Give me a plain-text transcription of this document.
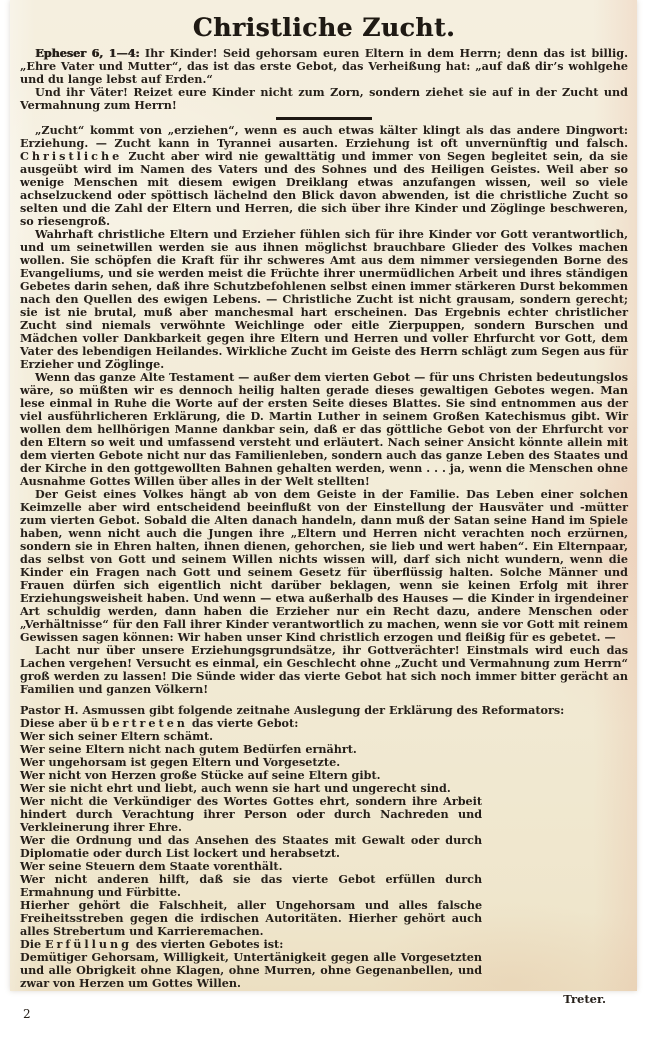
Christliche Zucht.

Epheser 6, 1—4: Ihr Kinder! Seid gehorsam euren Eltern in dem Herrn; denn das ist billig. „Ehre Vater und Mutter“, das ist das erste Gebot, das Verheißung hat: „auf daß dir’s wohlgehe und du lange lebst auf Erden.“

Und ihr Väter! Reizet eure Kinder nicht zum Zorn, sondern ziehet sie auf in der Zucht und Vermahnung zum Herrn!

„Zucht“ kommt von „erziehen“, wenn es auch etwas kälter klingt als das andere Dingwort: Erziehung. — Zucht kann in Tyrannei ausarten. Erziehung ist oft unvernünftig und falsch. Christliche Zucht aber wird nie gewalttätig und immer von Segen begleitet sein, da sie ausgeübt wird im Namen des Vaters und des Sohnes und des Heiligen Geistes. Weil aber so wenige Menschen mit diesem ewigen Dreiklang etwas anzufangen wissen, weil so viele achselzuckend oder spöttisch lächelnd den Blick davon abwenden, ist die christliche Zucht so selten und die Zahl der Eltern und Herren, die sich über ihre Kinder und Zöglinge beschweren, so riesengroß.

Wahrhaft christliche Eltern und Erzieher fühlen sich für ihre Kinder vor Gott verantwortlich, und um seinetwillen werden sie aus ihnen möglichst brauchbare Glieder des Volkes machen wollen. Sie schöpfen die Kraft für ihr schweres Amt aus dem nimmer versiegenden Borne des Evangeliums, und sie werden meist die Früchte ihrer unermüdlichen Arbeit und ihres ständigen Gebetes darin sehen, daß ihre Schutzbefohlenen selbst einen immer stärkeren Durst bekommen nach den Quellen des ewigen Lebens. — Christliche Zucht ist nicht grausam, sondern gerecht; sie ist nie brutal, muß aber manchesmal hart erscheinen. Das Ergebnis echter christlicher Zucht sind niemals verwöhnte Weichlinge oder eitle Zierpuppen, sondern Burschen und Mädchen voller Dankbarkeit gegen ihre Eltern und Herren und voller Ehrfurcht vor Gott, dem Vater des lebendigen Heilandes. Wirkliche Zucht im Geiste des Herrn schlägt zum Segen aus für Erzieher und Zöglinge.

Wenn das ganze Alte Testament — außer dem vierten Gebot — für uns Christen bedeutungslos wäre, so müßten wir es dennoch heilig halten gerade dieses gewaltigen Gebotes wegen. Man lese einmal in Ruhe die Worte auf der ersten Seite dieses Blattes. Sie sind entnommen aus der viel ausführlicheren Erklärung, die D. Martin Luther in seinem Großen Katechismus gibt. Wir wollen dem hellhörigen Manne dankbar sein, daß er das göttliche Gebot von der Ehrfurcht vor den Eltern so weit und umfassend versteht und erläutert. Nach seiner Ansicht könnte allein mit dem vierten Gebote nicht nur das Familienleben, sondern auch das ganze Leben des Staates und der Kirche in den gottgewollten Bahnen gehalten werden, wenn . . . ja, wenn die Menschen ohne Ausnahme Gottes Willen über alles in der Welt stellten!

Der Geist eines Volkes hängt ab von dem Geiste in der Familie. Das Leben einer solchen Keimzelle aber wird entscheidend beeinflußt von der Einstellung der Hausväter und -mütter zum vierten Gebot. Sobald die Alten danach handeln, dann muß der Satan seine Hand im Spiele haben, wenn nicht auch die Jungen ihre „Eltern und Herren nicht verachten noch erzürnen, sondern sie in Ehren halten, ihnen dienen, gehorchen, sie lieb und wert haben“. Ein Elternpaar, das selbst von Gott und seinem Willen nichts wissen will, darf sich nicht wundern, wenn die Kinder ein Fragen nach Gott und seinem Gesetz für überflüssig halten. Solche Männer und Frauen dürfen sich eigentlich nicht darüber beklagen, wenn sie keinen Erfolg mit ihrer Erziehungsweisheit haben. Und wenn — etwa außerhalb des Hauses — die Kinder in irgendeiner Art schuldig werden, dann haben die Erzieher nur ein Recht dazu, andere Menschen oder „Verhältnisse“ für den Fall ihrer Kinder verantwortlich zu machen, wenn sie vor Gott mit reinem Gewissen sagen können: Wir haben unser Kind christlich erzogen und fleißig für es gebetet. —

Lacht nur über unsere Erziehungsgrundsätze, ihr Gottverächter! Einstmals wird euch das Lachen vergehen! Versucht es einmal, ein Geschlecht ohne „Zucht und Vermahnung zum Herrn“ groß werden zu lassen! Die Sünde wider das vierte Gebot hat sich noch immer bitter gerächt an Familien und ganzen Völkern!

Pastor H. Asmussen gibt folgende zeitnahe Auslegung der Erklärung des Reformators:

Diese aber übertreten das vierte Gebot:

Wer sich seiner Eltern schämt.

Wer seine Eltern nicht nach gutem Bedürfen ernährt.

Wer ungehorsam ist gegen Eltern und Vorgesetzte.

Wer nicht von Herzen große Stücke auf seine Eltern gibt.

Wer sie nicht ehrt und liebt, auch wenn sie hart und ungerecht sind.

Wer nicht die Verkündiger des Wortes Gottes ehrt, sondern ihre Arbeit hindert durch Verachtung ihrer Person oder durch Nachreden und Verkleinerung ihrer Ehre.

Wer die Ordnung und das Ansehen des Staates mit Gewalt oder durch Diplomatie oder durch List lockert und herabsetzt.

Wer seine Steuern dem Staate vorenthält.

Wer nicht anderen hilft, daß sie das vierte Gebot erfüllen durch Ermahnung und Fürbitte.

Hierher gehört die Falschheit, aller Ungehorsam und alles falsche Freiheitsstreben gegen die irdischen Autoritäten. Hierher gehört auch alles Strebertum und Karrieremachen.

Die Erfüllung des vierten Gebotes ist:

Demütiger Gehorsam, Willigkeit, Untertänigkeit gegen alle Vorgesetzten und alle Obrigkeit ohne Klagen, ohne Murren, ohne Gegenanbellen, und zwar von Herzen um Gottes Willen.

Treter.
2
